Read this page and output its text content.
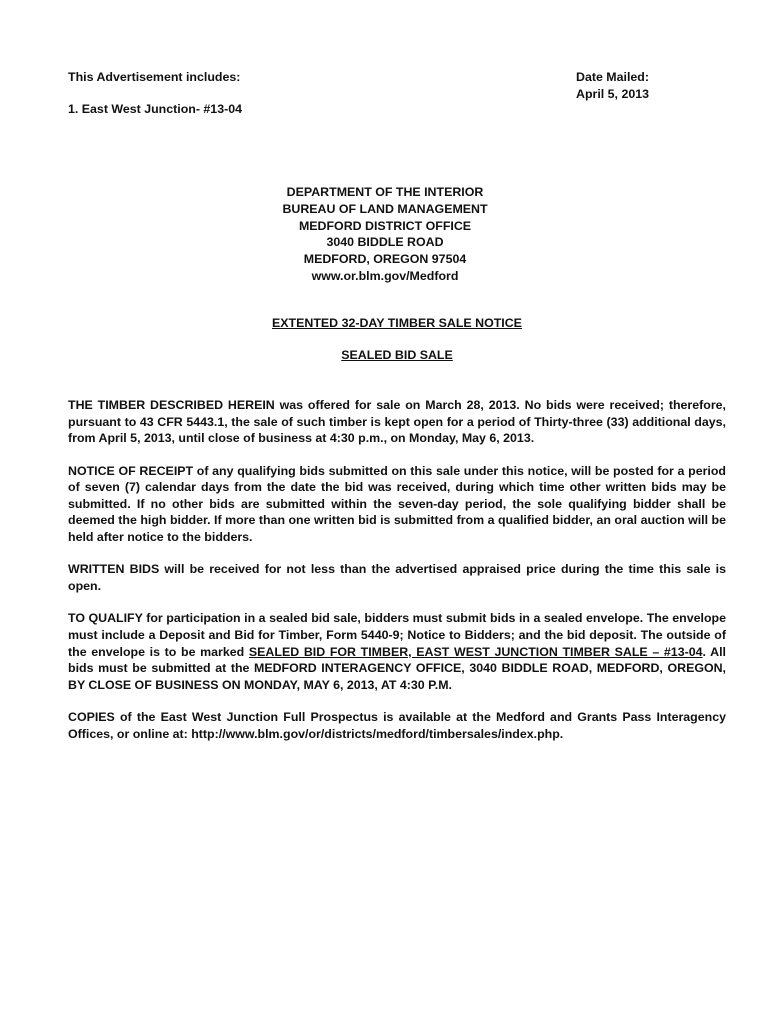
This Advertisement includes:
1. East West Junction- #13-04
Date Mailed:
April 5, 2013
DEPARTMENT OF THE INTERIOR
BUREAU OF LAND MANAGEMENT
MEDFORD DISTRICT OFFICE
3040 BIDDLE ROAD
MEDFORD, OREGON 97504
www.or.blm.gov/Medford
EXTENTED 32-DAY TIMBER SALE NOTICE
SEALED BID SALE

THE TIMBER DESCRIBED HEREIN was offered for sale on March 28, 2013. No bids were received; therefore, pursuant to 43 CFR 5443.1, the sale of such timber is kept open for a period of Thirty-three (33) additional days, from April 5, 2013, until close of business at 4:30 p.m., on Monday, May 6, 2013.

NOTICE OF RECEIPT of any qualifying bids submitted on this sale under this notice, will be posted for a period of seven (7) calendar days from the date the bid was received, during which time other written bids may be submitted. If no other bids are submitted within the seven-day period, the sole qualifying bidder shall be deemed the high bidder. If more than one written bid is submitted from a qualified bidder, an oral auction will be held after notice to the bidders.

WRITTEN BIDS will be received for not less than the advertised appraised price during the time this sale is open.

TO QUALIFY for participation in a sealed bid sale, bidders must submit bids in a sealed envelope. The envelope must include a Deposit and Bid for Timber, Form 5440-9; Notice to Bidders; and the bid deposit. The outside of the envelope is to be marked SEALED BID FOR TIMBER, EAST WEST JUNCTION TIMBER SALE – #13-04. All bids must be submitted at the MEDFORD INTERAGENCY OFFICE, 3040 BIDDLE ROAD, MEDFORD, OREGON, BY CLOSE OF BUSINESS ON MONDAY, MAY 6, 2013, AT 4:30 P.M.

COPIES of the East West Junction Full Prospectus is available at the Medford and Grants Pass Interagency Offices, or online at: http://www.blm.gov/or/districts/medford/timbersales/index.php.
